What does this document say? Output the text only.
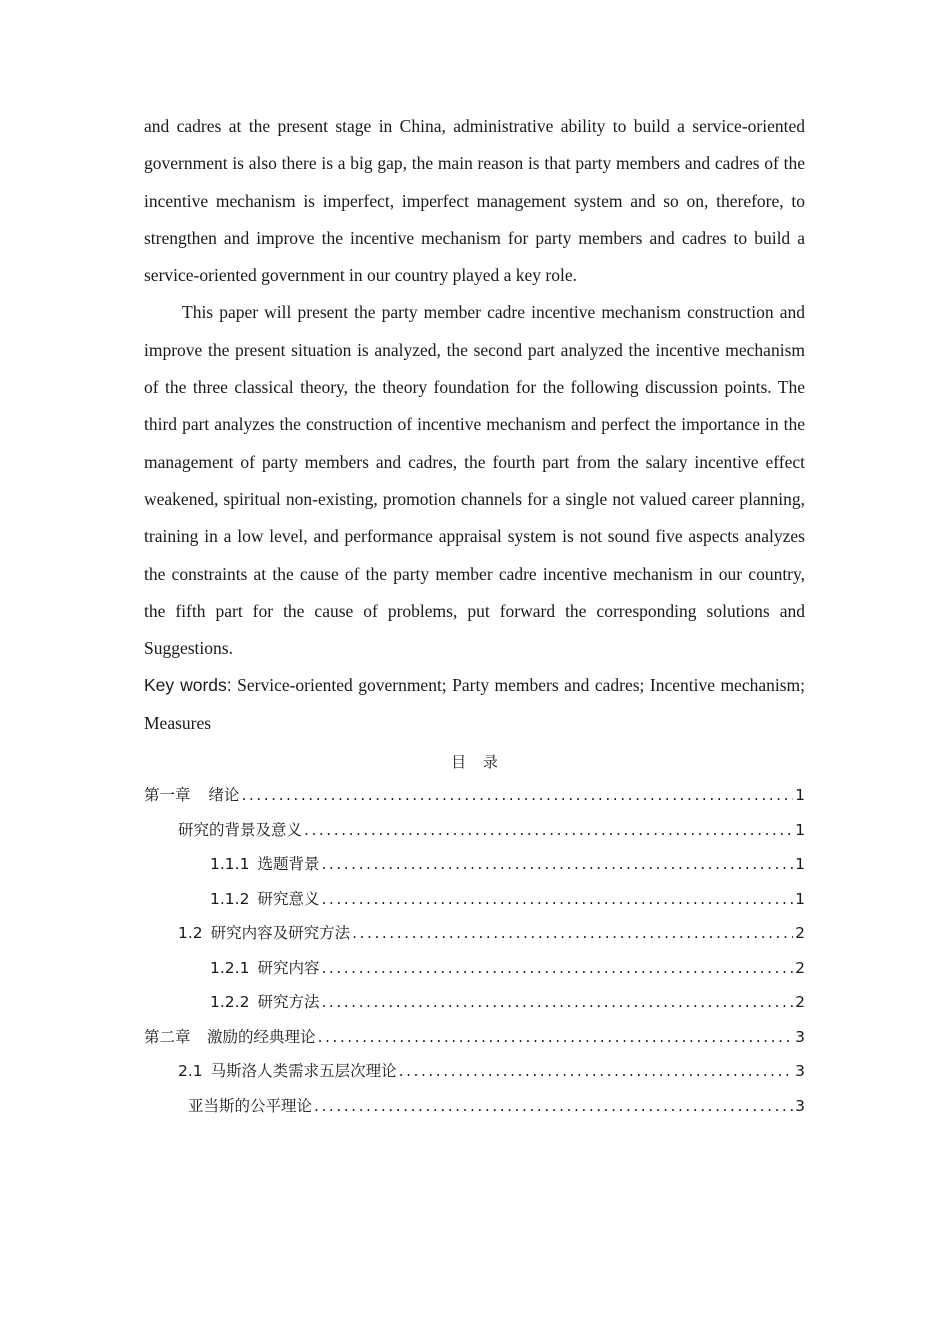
and cadres at the present stage in China, administrative ability to build a service-oriented government is also there is a big gap, the main reason is that party members and cadres of the incentive mechanism is imperfect, imperfect management system and so on, therefore, to strengthen and improve the incentive mechanism for party members and cadres to build a service-oriented government in our country played a key role.

This paper will present the party member cadre incentive mechanism construction and improve the present situation is analyzed, the second part analyzed the incentive mechanism of the three classical theory, the theory foundation for the following discussion points. The third part analyzes the construction of incentive mechanism and perfect the importance in the management of party members and cadres, the fourth part from the salary incentive effect weakened, spiritual non-existing, promotion channels for a single not valued career planning, training in a low level, and performance appraisal system is not sound five aspects analyzes the constraints at the cause of the party member cadre incentive mechanism in our country, the fifth part for the cause of problems, put forward the corresponding solutions and Suggestions.

Key words: Service-oriented government; Party members and cadres; Incentive mechanism; Measures

目 录
第一章 绪论 .....	1
研究的背景及意义 .....	1
1.1.1 选题背景 .....	1
1.1.2 研究意义 .....	1
1.2 研究内容及研究方法 .....	2
1.2.1 研究内容 .....	2
1.2.2 研究方法 .....	2
第二章 激励的经典理论 .....	3
2.1 马斯洛人类需求五层次理论 .....	3
亚当斯的公平理论 .....	3
